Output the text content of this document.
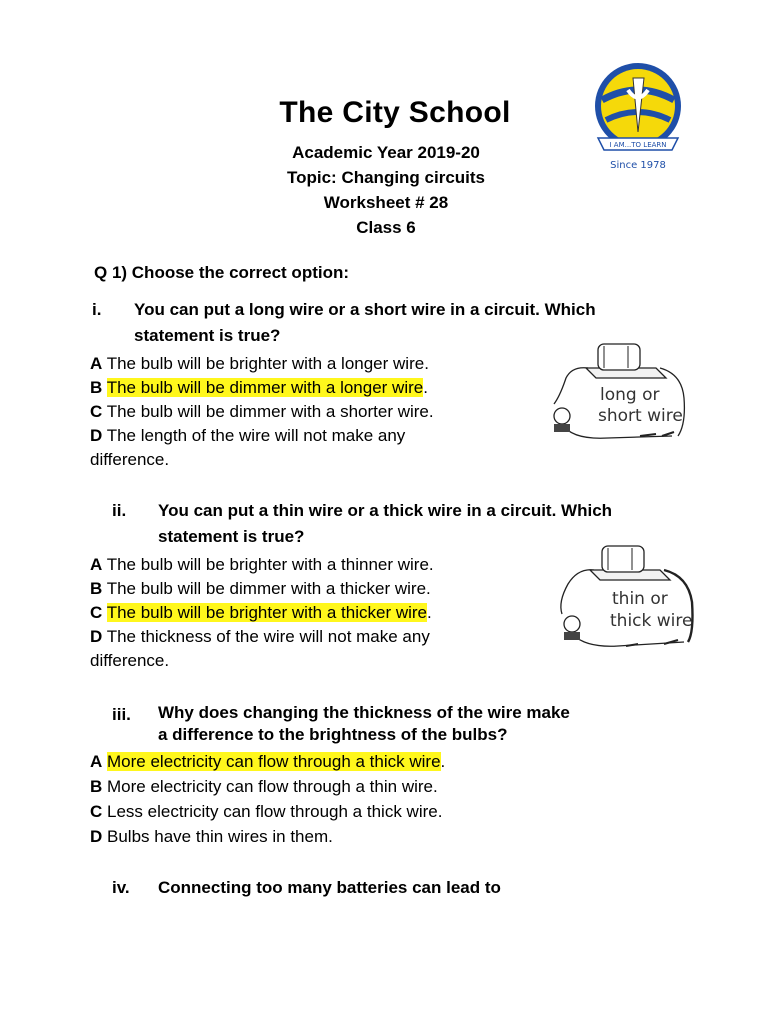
The City School
Academic Year 2019-20
Topic: Changing circuits
Worksheet # 28
Class 6
I AM...TO LEARN
Since 1978
Q 1) Choose the correct option:
i. You can put a long wire or a short wire in a circuit. Which
statement is true?
A The bulb will be brighter with a longer wire.
B The bulb will be dimmer with a longer wire.
C The bulb will be dimmer with a shorter wire.
D The length of the wire will not make any
difference.
long or
short wire
ii. You can put a thin wire or a thick wire in a circuit. Which
statement is true?
A The bulb will be brighter with a thinner wire.
B The bulb will be dimmer with a thicker wire.
C The bulb will be brighter with a thicker wire.
D The thickness of the wire will not make any
difference.
thin or
thick wire
iii. Why does changing the thickness of the wire make
a difference to the brightness of the bulbs?
A More electricity can flow through a thick wire.
B More electricity can flow through a thin wire.
C Less electricity can flow through a thick wire.
D Bulbs have thin wires in them.
iv. Connecting too many batteries can lead to
